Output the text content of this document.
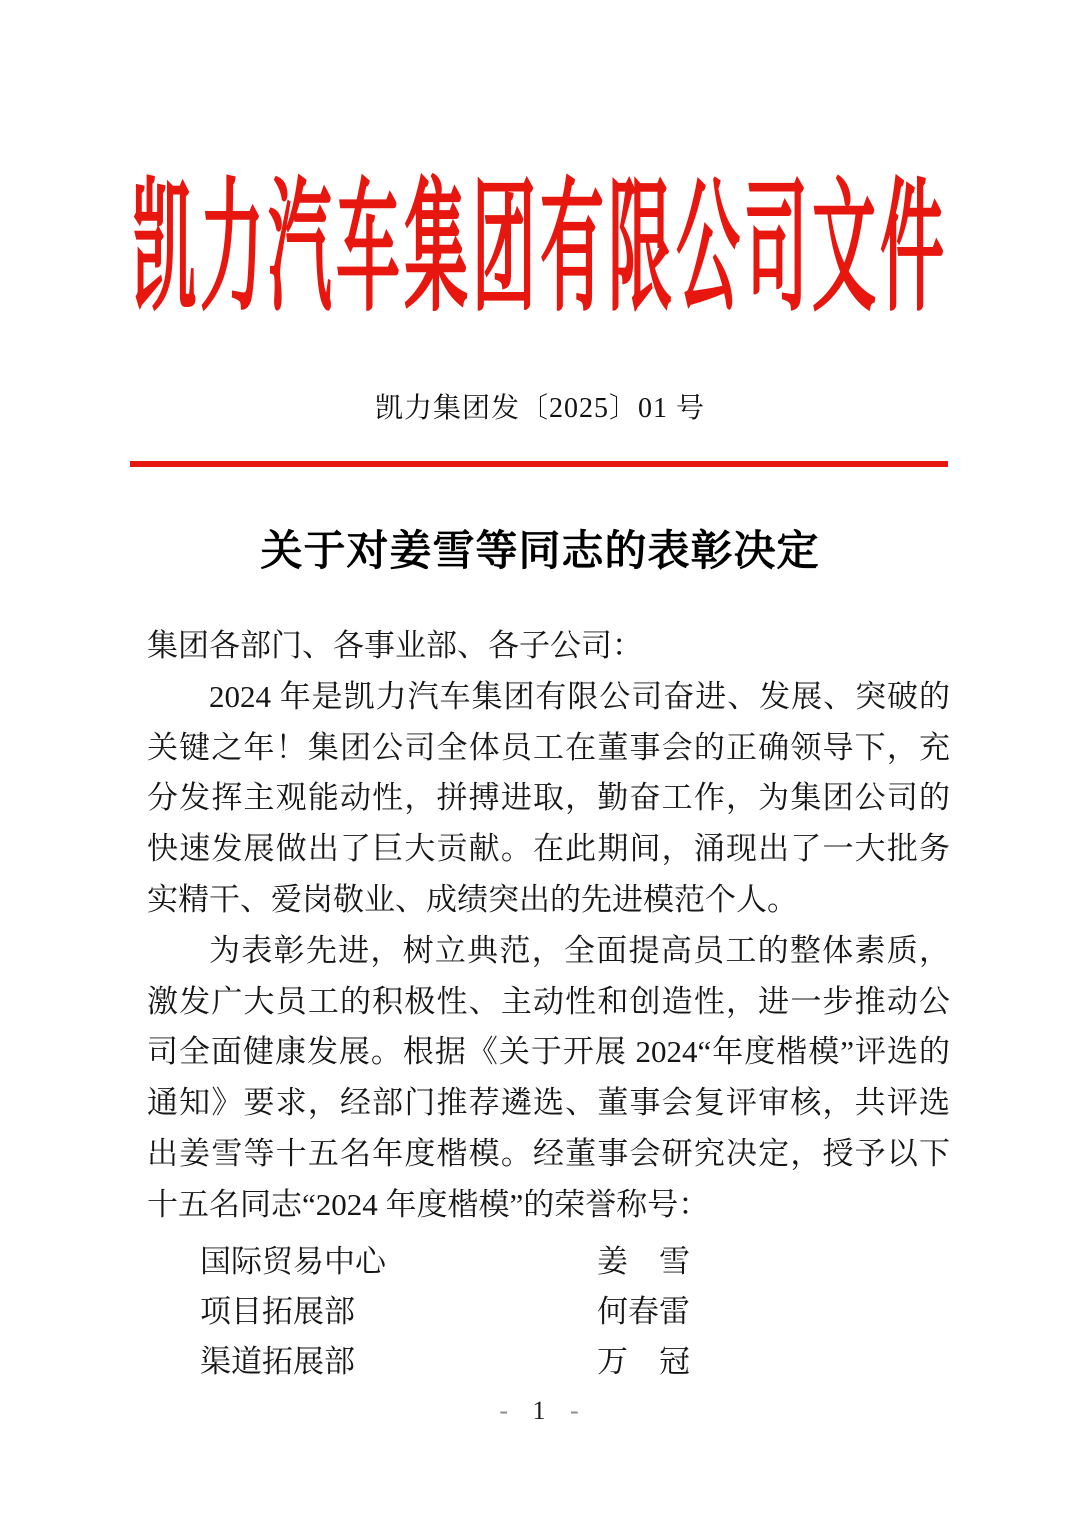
凯力汽车集团有限公司文件
凯力集团发〔2025〕01 号
关于对姜雪等同志的表彰决定

集团各部门、各事业部、各子公司：

2024 年是凯力汽车集团有限公司奋进、发展、突破的关键之年！集团公司全体员工在董事会的正确领导下，充分发挥主观能动性，拼搏进取，勤奋工作，为集团公司的快速发展做出了巨大贡献。在此期间，涌现出了一大批务实精干、爱岗敬业、成绩突出的先进模范个人。

为表彰先进，树立典范，全面提高员工的整体素质，激发广大员工的积极性、主动性和创造性，进一步推动公司全面健康发展。根据《关于开展 2024“年度楷模”评选的通知》要求，经部门推荐遴选、董事会复评审核，共评选出姜雪等十五名年度楷模。经董事会研究决定，授予以下十五名同志“2024 年度楷模”的荣誉称号：

国际贸易中心	姜　雪
项目拓展部	何春雷
渠道拓展部	万　冠
- 1 -
